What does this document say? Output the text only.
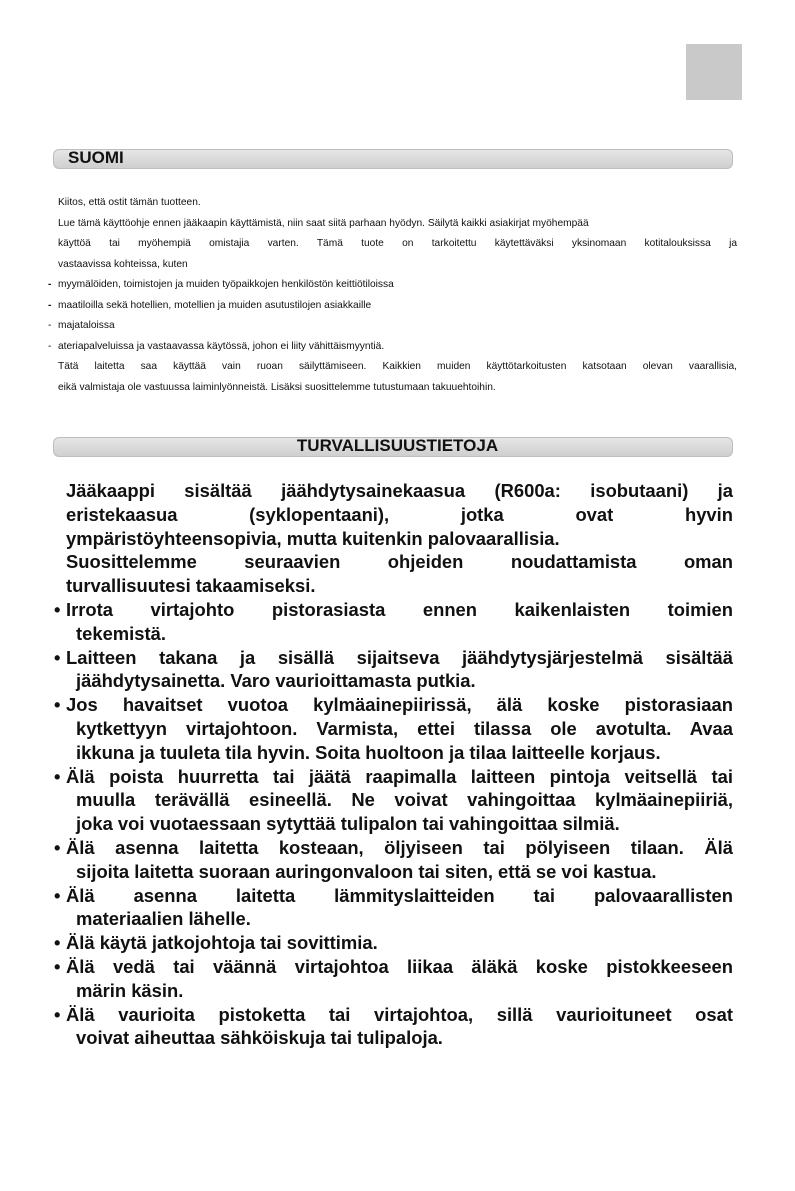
SUOMI

Kiitos, että ostit tämän tuotteen.

Lue tämä käyttöohje ennen jääkaapin käyttämistä, niin saat siitä parhaan hyödyn. Säilytä kaikki asiakirjat myöhempää

käyttöä tai myöhempiä omistajia varten. Tämä tuote on tarkoitettu käytettäväksi yksinomaan kotitalouksissa ja

vastaavissa kohteissa, kuten

- myymälöiden, toimistojen ja muiden työpaikkojen henkilöstön keittiötiloissa

- maatiloilla sekä hotellien, motellien ja muiden asutustilojen asiakkaille

- majataloissa

- ateriapalveluissa ja vastaavassa käytössä, johon ei liity vähittäismyyntiä.

Tätä laitetta saa käyttää vain ruoan säilyttämiseen. Kaikkien muiden käyttötarkoitusten katsotaan olevan vaarallisia,

eikä valmistaja ole vastuussa laiminlyönneistä. Lisäksi suosittelemme tutustumaan takuuehtoihin.

TURVALLISUUSTIETOJA

Jääkaappi sisältää jäähdytysainekaasua (R600a: isobutaani) ja

eristekaasua (syklopentaani), jotka ovat hyvin

ympäristöyhteensopivia, mutta kuitenkin palovaarallisia.

Suosittelemme seuraavien ohjeiden noudattamista oman

turvallisuutesi takaamiseksi.

• Irrota virtajohto pistorasiasta ennen kaikenlaisten toimien

tekemistä.

• Laitteen takana ja sisällä sijaitseva jäähdytysjärjestelmä sisältää

jäähdytysainetta. Varo vaurioittamasta putkia.

• Jos havaitset vuotoa kylmäainepiirissä, älä koske pistorasiaan

kytkettyyn virtajohtoon. Varmista, ettei tilassa ole avotulta. Avaa

ikkuna ja tuuleta tila hyvin. Soita huoltoon ja tilaa laitteelle korjaus.

• Älä poista huurretta tai jäätä raapimalla laitteen pintoja veitsellä tai

muulla terävällä esineellä. Ne voivat vahingoittaa kylmäainepiiriä,

joka voi vuotaessaan sytyttää tulipalon tai vahingoittaa silmiä.

• Älä asenna laitetta kosteaan, öljyiseen tai pölyiseen tilaan. Älä

sijoita laitetta suoraan auringonvaloon tai siten, että se voi kastua.

• Älä asenna laitetta lämmityslaitteiden tai palovaarallisten

materiaalien lähelle.

• Älä käytä jatkojohtoja tai sovittimia.

• Älä vedä tai väännä virtajohtoa liikaa äläkä koske pistokkeeseen

märin käsin.

• Älä vaurioita pistoketta tai virtajohtoa, sillä vaurioituneet osat

voivat aiheuttaa sähköiskuja tai tulipaloja.
